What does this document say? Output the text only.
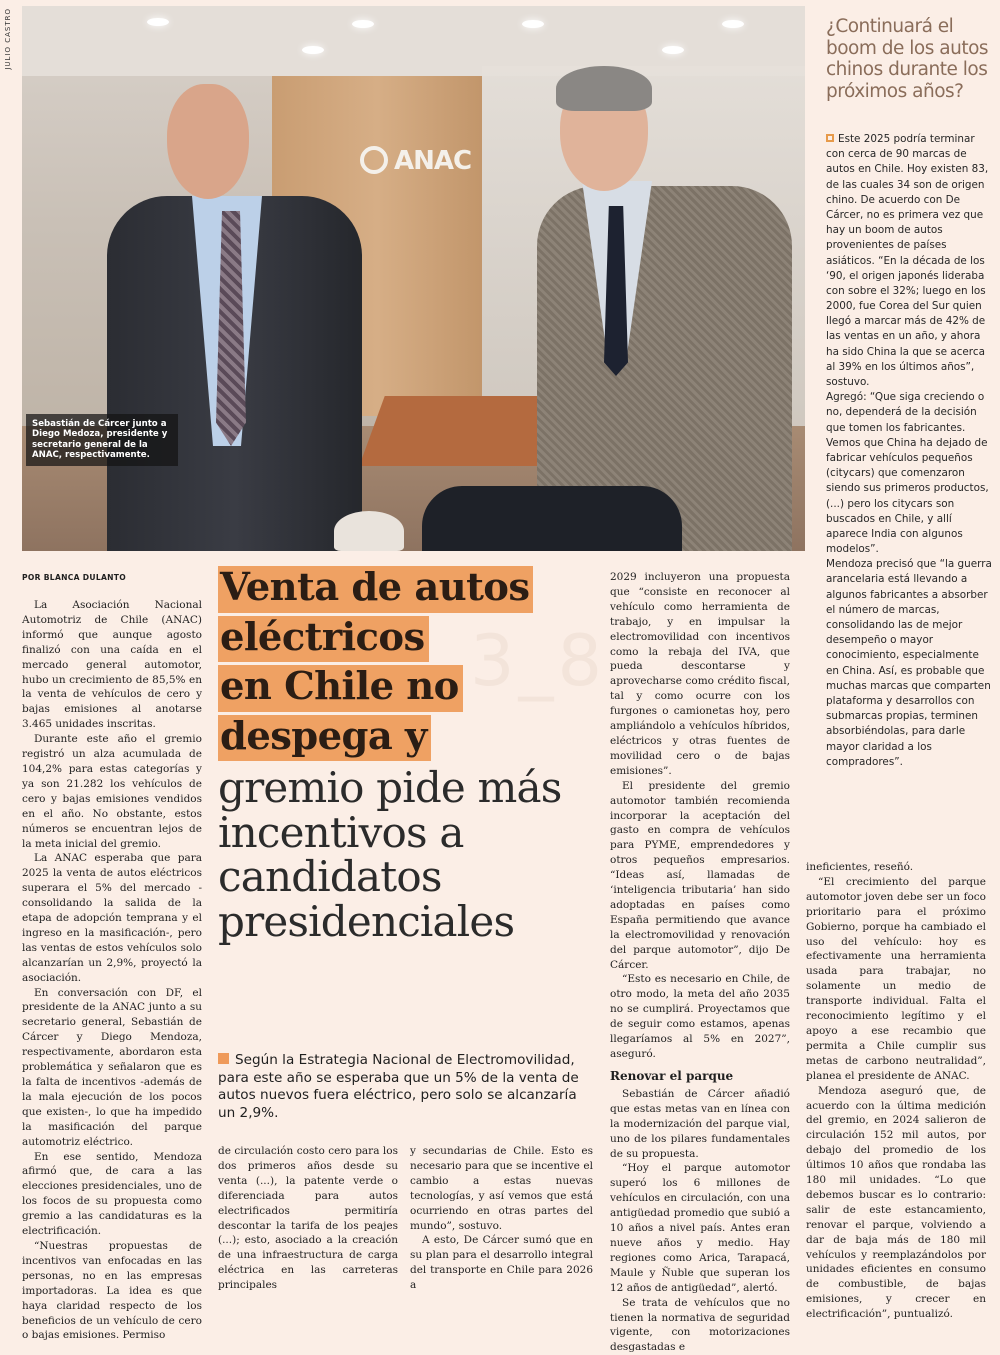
JULIO CASTRO
ANAC
Sebastián de Cárcer junto a Diego Medoza, presidente y secretario general de la ANAC, respectivamente.
¿Continuará el boom de los autos chinos durante los próximos años?

Este 2025 podría terminar con cerca de 90 marcas de autos en Chile. Hoy existen 83, de las cuales 34 son de origen chino. De acuerdo con De Cárcer, no es primera vez que hay un boom de autos provenientes de países asiáticos. “En la década de los ‘90, el origen japonés lideraba con sobre el 32%; luego en los 2000, fue Corea del Sur quien llegó a marcar más de 42% de las ventas en un año, y ahora ha sido China la que se acerca al 39% en los últimos años”, sostuvo.

Agregó: “Que siga creciendo o no, dependerá de la decisión que tomen los fabricantes. Vemos que China ha dejado de fabricar vehículos pequeños (citycars) que comenzaron siendo sus primeros productos, (...) pero los citycars son buscados en Chile, y allí aparece India con algunos modelos”.

Mendoza precisó que “la guerra arancelaria está llevando a algunos fabricantes a absorber el número de marcas, consolidando las de mejor desempeño o mayor conocimiento, especialmente en China. Así, es probable que muchas marcas que comparten plataforma y desarrollos con submarcas propias, terminen absorbiéndolas, para darle mayor claridad a los compradores”.

3_8
POR BLANCA DULANTO

La Asociación Nacional Automotriz de Chile (ANAC) informó que aunque agosto finalizó con una caída en el mercado general automotor, hubo un crecimiento de 85,5% en la venta de vehículos de cero y bajas emisiones al anotarse 3.465 unidades inscritas.

Durante este año el gremio registró un alza acumulada de 104,2% para estas categorías y ya son 21.282 los vehículos de cero y bajas emisiones vendidos en el año. No obstante, estos números se encuentran lejos de la meta inicial del gremio.

La ANAC esperaba que para 2025 la venta de autos eléctricos superara el 5% del mercado -consolidando la salida de la etapa de adopción temprana y el ingreso en la masificación-, pero las ventas de estos vehículos solo alcanzarían un 2,9%, proyectó la asociación.

En conversación con DF, el presidente de la ANAC junto a su secretario general, Sebastián de Cárcer y Diego Mendoza, respectivamente, abordaron esta problemática y señalaron que es la falta de incentivos -además de la mala ejecución de los pocos que existen-, lo que ha impedido la masificación del parque automotriz eléctrico.

En ese sentido, Mendoza afirmó que, de cara a las elecciones presidenciales, uno de los focos de su propuesta como gremio a las candidaturas es la electrificación.

“Nuestras propuestas de incentivos van enfocadas en las personas, no en las empresas importadoras. La idea es que haya claridad respecto de los beneficios de un vehículo de cero o bajas emisiones. Permiso

Venta de autos
eléctricos
en Chile no
despega y
gremio pide más incentivos a candidatos presidenciales
Según la Estrategia Nacional de Electromovilidad, para este año se esperaba que un 5% de la venta de autos nuevos fuera eléctrico, pero solo se alcanzaría un 2,9%.

2029 incluyeron una propuesta que “consiste en reconocer al vehículo como herramienta de trabajo, y en impulsar la electromovilidad con incentivos como la rebaja del IVA, que pueda descontarse y aprovecharse como crédito fiscal, tal y como ocurre con los furgones o camionetas hoy, pero ampliándolo a vehículos híbridos, eléctricos y otras fuentes de movilidad cero o de bajas emisiones”.

El presidente del gremio automotor también recomienda incorporar la aceptación del gasto en compra de vehículos para PYME, emprendedores y otros pequeños empresarios. “Ideas así, llamadas de ‘inteligencia tributaria’ han sido adoptadas en países como España permitiendo que avance la electromovilidad y renovación del parque automotor”, dijo De Cárcer.

“Esto es necesario en Chile, de otro modo, la meta del año 2035 no se cumplirá. Proyectamos que de seguir como estamos, apenas llegaríamos al 5% en 2027”, aseguró.

Renovar el parque

Sebastián de Cárcer añadió que estas metas van en línea con la modernización del parque vial, uno de los pilares fundamentales de su propuesta.

“Hoy el parque automotor superó los 6 millones de vehículos en circulación, con una antigüedad promedio que subió a 10 años a nivel país. Antes eran nueve años y medio. Hay regiones como Arica, Tarapacá, Maule y Ñuble que superan los 12 años de antigüedad”, alertó.

Se trata de vehículos que no tienen la normativa de seguridad vigente, con motorizaciones desgastadas e

de circulación costo cero para los dos primeros años desde su venta (...), la patente verde o diferenciada para autos electrificados permitiría descontar la tarifa de los peajes (...); esto, asociado a la creación de una infraestructura de carga eléctrica en las carreteras principales

y secundarias de Chile. Esto es necesario para que se incentive el cambio a estas nuevas tecnologías, y así vemos que está ocurriendo en otras partes del mundo”, sostuvo.

A esto, De Cárcer sumó que en su plan para el desarrollo integral del transporte en Chile para 2026 a

ineficientes, reseñó.

“El crecimiento del parque automotor joven debe ser un foco prioritario para el próximo Gobierno, porque ha cambiado el uso del vehículo: hoy es efectivamente una herramienta usada para trabajar, no solamente un medio de transporte individual. Falta el reconocimiento legítimo y el apoyo a ese recambio que permita a Chile cumplir sus metas de carbono neutralidad”, planea el presidente de ANAC.

Mendoza aseguró que, de acuerdo con la última medición del gremio, en 2024 salieron de circulación 152 mil autos, por debajo del promedio de los últimos 10 años que rondaba las 180 mil unidades. “Lo que debemos buscar es lo contrario: salir de este estancamiento, renovar el parque, volviendo a dar de baja más de 180 mil vehículos y reemplazándolos por unidades eficientes en consumo de combustible, de bajas emisiones, y crecer en electrificación”, puntualizó.
